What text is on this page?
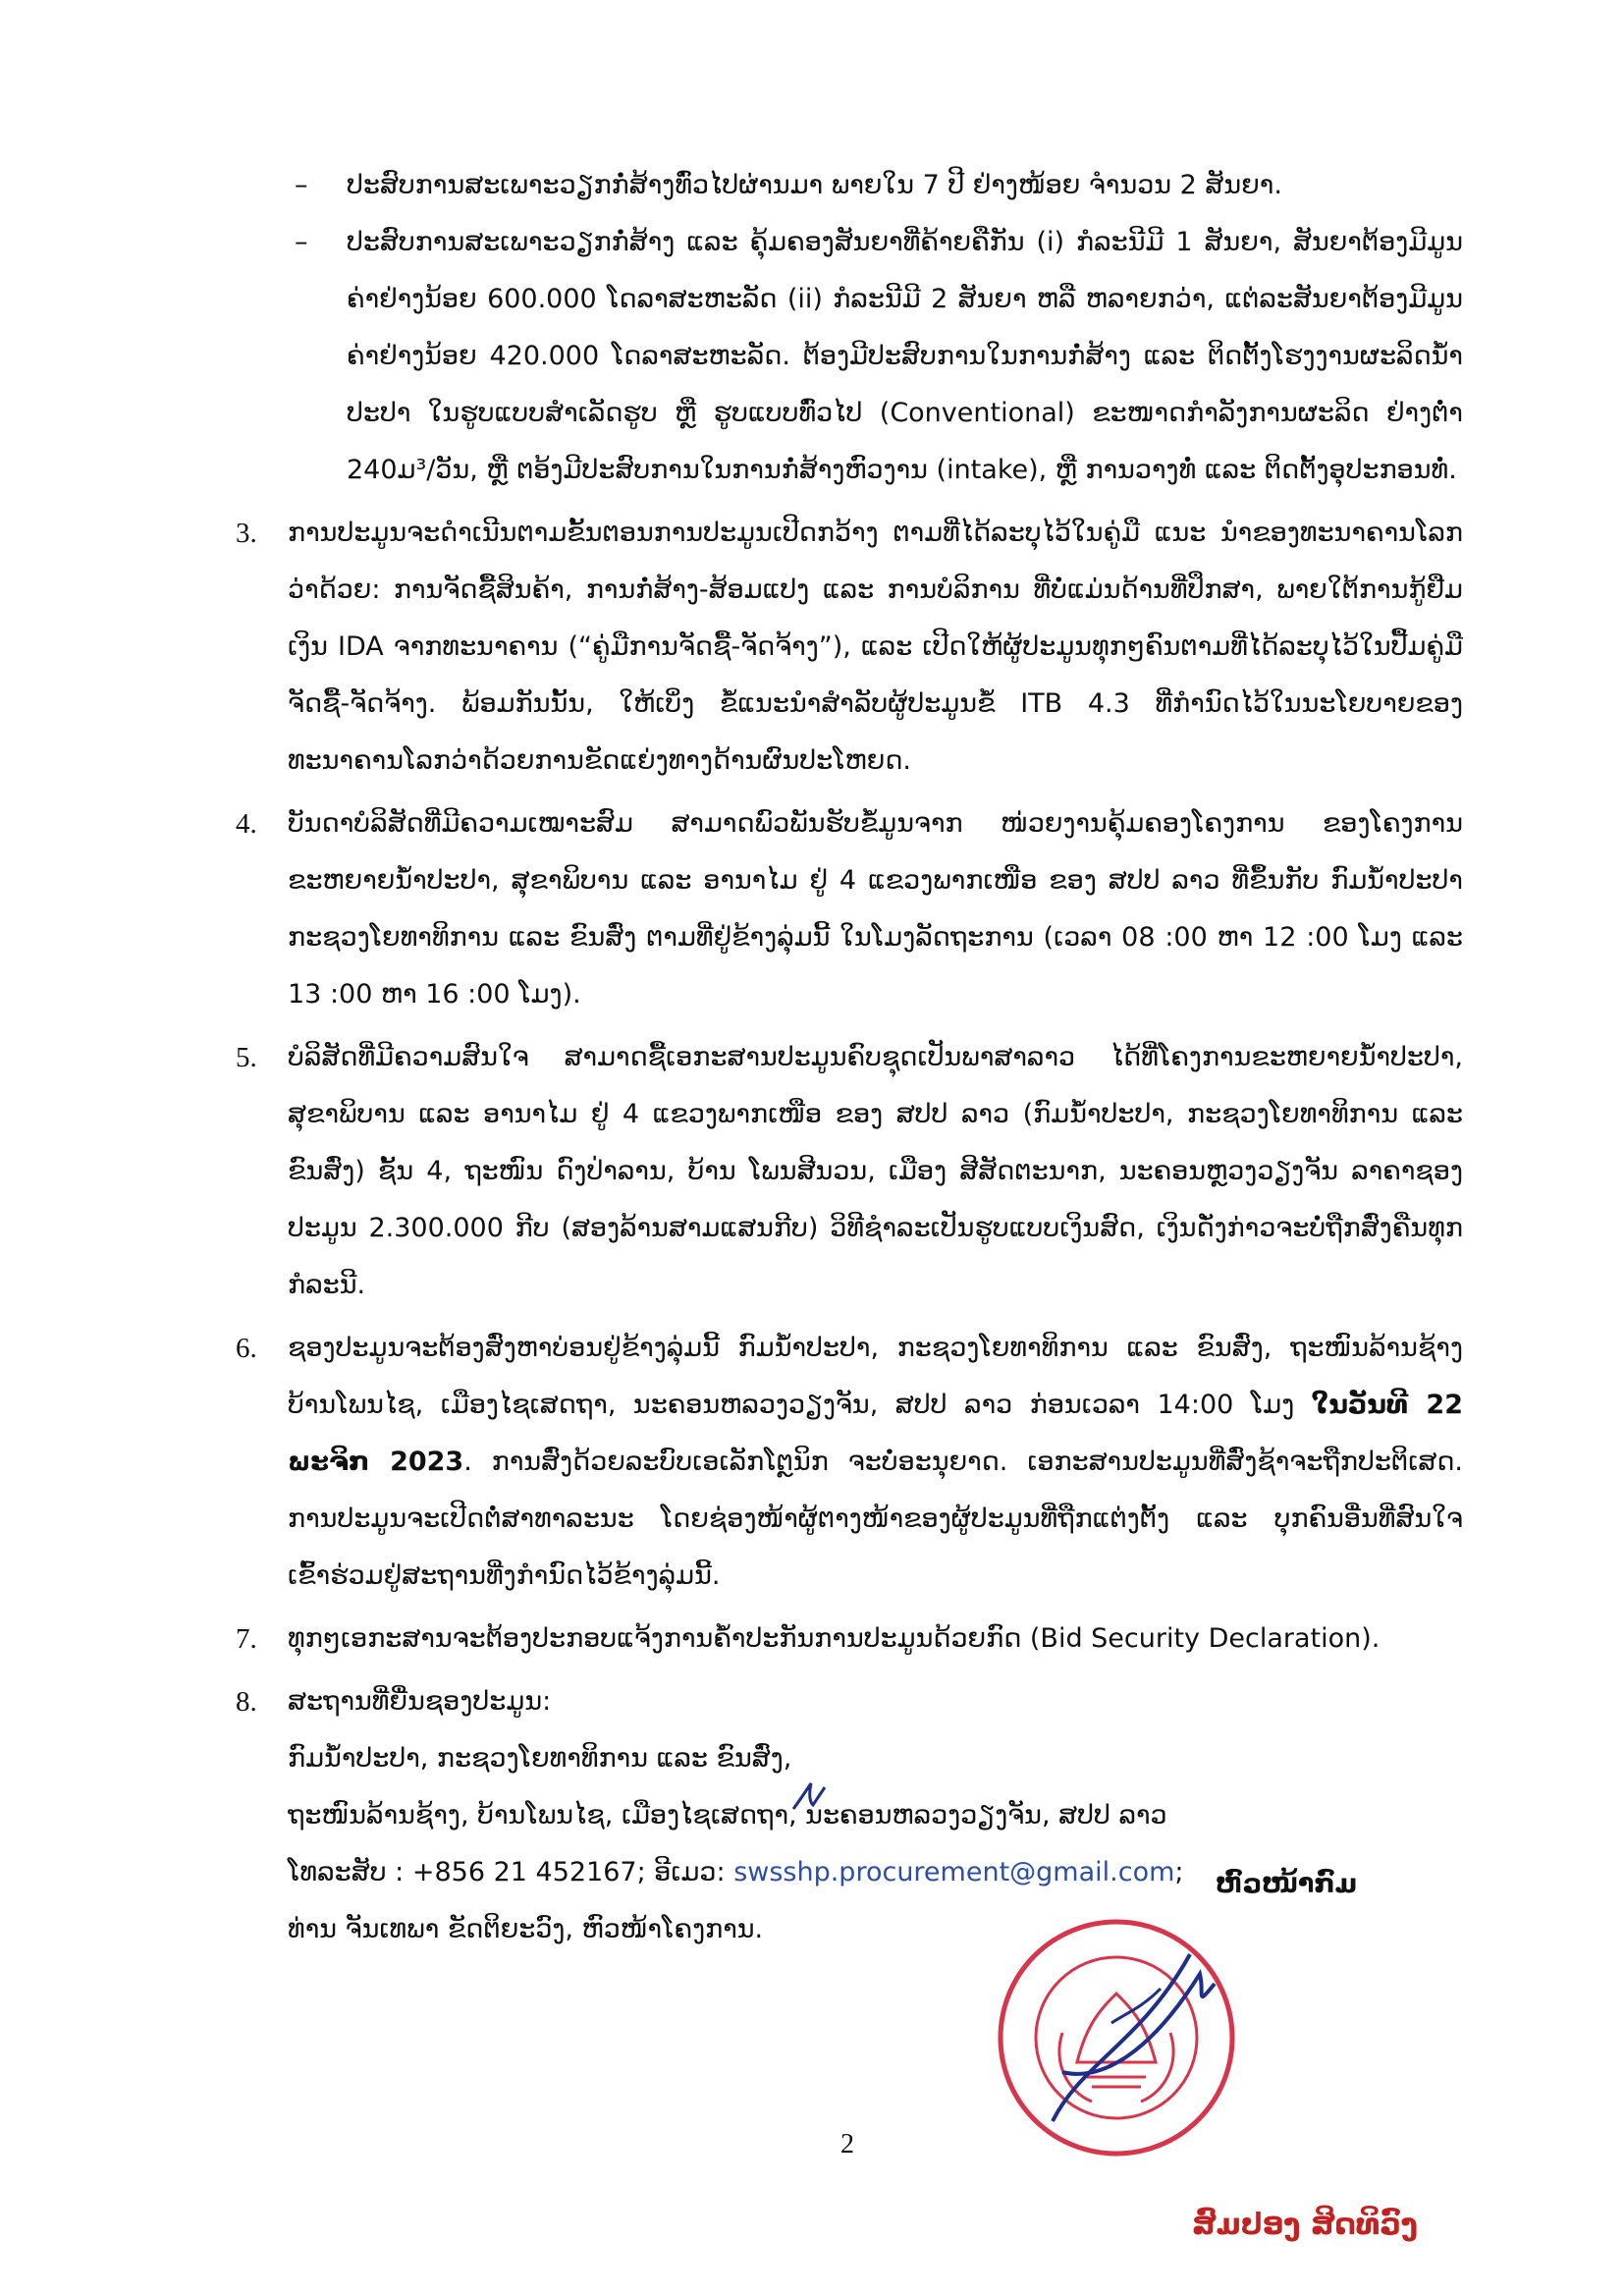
– ປະສົບການສະເພາະວຽກກໍ່ສ້າງທົ່ວໄປຜ່ານມາ ພາຍໃນ 7 ປີ ຢ່າງໜ້ອຍ ຈຳນວນ 2 ສັນຍາ.
– ປະສົບການສະເພາະວຽກກໍ່ສ້າງ ແລະ ຄຸ້ມຄອງສັນຍາທີ່ຄ້າຍຄືກັນ (i) ກໍລະນີມີ 1 ສັນຍາ, ສັນຍາຕ້ອງມີມູນຄ່າຢ່າງນ້ອຍ 600.000 ໂດລາສະຫະລັດ (ii) ກໍລະນີມີ 2 ສັນຍາ ຫລື ຫລາຍກວ່າ, ແຕ່ລະສັນຍາຕ້ອງມີມູນຄ່າຢ່າງນ້ອຍ 420.000 ໂດລາສະຫະລັດ. ຕ້ອງມີປະສົບການໃນການກໍ່ສ້າງ ແລະ ຕິດຕັ້ງໂຮງງານຜະລິດນ້ຳປະປາ ໃນຮູບແບບສຳເລັດຮູບ ຫຼື ຮູບແບບທົ່ວໄປ (Conventional) ຂະໜາດກຳລັງການຜະລິດ ຢ່າງຕ່ຳ 240ມ³/ວັນ, ຫຼື ຕອ້ງມີປະສົບການໃນການກໍ່ສ້າງຫົວງານ (intake), ຫຼື ການວາງທໍ່ ແລະ ຕິດຕັ້ງອຸປະກອນທໍ່.
3. ການປະມູນຈະດຳເນີນຕາມຂັ້ນຕອນການປະມູນເປີດກວ້າງ ຕາມທີ່ໄດ້ລະບຸໄວ້ໃນຄູ່ມື ແນະ ນຳຂອງທະນາຄານໂລກວ່າດ້ວຍ: ການຈັດຊື້ສິນຄ້າ, ການກໍ່ສ້າງ-ສ້ອມແປງ ແລະ ການບໍລິການ ທີ່ບໍ່ແມ່ນດ້ານທີ່ປຶກສາ, ພາຍໃຕ້ການກູ້ຢືມເງິນ IDA ຈາກທະນາຄານ (“ຄູ່ມືການຈັດຊື້-ຈັດຈ້າງ”), ແລະ ເປີດໃຫ້ຜູ້ປະມູນທຸກໆຄົນຕາມທີ່ໄດ້ລະບຸໄວ້ໃນປື້ມຄູ່ມືຈັດຊື້-ຈັດຈ້າງ. ພ້ອມກັນນັ້ນ, ໃຫ້ເບິ່ງ ຂໍ້ແນະນຳສຳລັບຜູ້ປະມູນຂໍ້ ITB 4.3 ທີ່ກຳນົດໄວ້ໃນນະໂຍບາຍຂອງທະນາຄານໂລກວ່າດ້ວຍການຂັດແຍ່ງທາງດ້ານຜົນປະໂຫຍດ.
4. ບັນດາບໍລິສັດທີ່ມີຄວາມເໝາະສົມ ສາມາດພົວພັນຮັບຂໍ້ມູນຈາກ ໜ່ວຍງານຄຸ້ມຄອງໂຄງການ ຂອງໂຄງການຂະຫຍາຍນ້ຳປະປາ, ສຸຂາພິບານ ແລະ ອານາໄມ ຢູ່ 4 ແຂວງພາກເໜືອ ຂອງ ສປປ ລາວ ທີ່ຂຶ້ນກັບ ກົມນ້ຳປະປາ ກະຊວງໂຍທາທິການ ແລະ ຂົນສົ່ງ ຕາມທີ່ຢູ່ຂ້າງລຸ່ມນີ້ ໃນໂມງລັດຖະການ (ເວລາ 08 :00 ຫາ 12 :00 ໂມງ ແລະ 13 :00 ຫາ 16 :00 ໂມງ).
5. ບໍລິສັດທີ່ມີຄວາມສົນໃຈ ສາມາດຊື້ເອກະສານປະມູນຄົບຊຸດເປັນພາສາລາວ ໄດ້ທີ່ໂຄງການຂະຫຍາຍນ້ຳປະປາ, ສຸຂາພິບານ ແລະ ອານາໄມ ຢູ່ 4 ແຂວງພາກເໜືອ ຂອງ ສປປ ລາວ (ກົມນ້ຳປະປາ, ກະຊວງໂຍທາທິການ ແລະ ຂົນສົ່ງ) ຊັ້ນ 4, ຖະໜົນ ດົງປ່າລານ, ບ້ານ ໂພນສີນວນ, ເມືອງ ສີສັດຕະນາກ, ນະຄອນຫຼວງວຽງຈັນ ລາຄາຊອງປະມູນ 2.300.000 ກີບ (ສອງລ້ານສາມແສນກີບ) ວິທີຊຳລະເປັນຮູບແບບເງິນສົດ, ເງິນດັ່ງກ່າວຈະບໍ່ຖືກສົ່ງຄືນທຸກກໍລະນີ.
6. ຊອງປະມູນຈະຕ້ອງສົ່ງຫາບ່ອນຢູ່ຂ້າງລຸ່ມນີ້ ກົມນ້ຳປະປາ, ກະຊວງໂຍທາທິການ ແລະ ຂົນສົ່ງ, ຖະໜົນລ້ານຊ້າງ ບ້ານໂພນໄຊ, ເມືອງໄຊເສດຖາ, ນະຄອນຫລວງວຽງຈັນ, ສປປ ລາວ ກ່ອນເວລາ 14:00 ໂມງ ໃນວັນທີ 22 ພະຈິກ 2023. ການສົ່ງດ້ວຍລະບົບເອເລັກໂຕຼນິກ ຈະບໍ່ອະນຸຍາດ. ເອກະສານປະມູນທີ່ສົ່ງຊ້າຈະຖືກປະຕິເສດ. ການປະມູນຈະເປີດຕໍ່ສາທາລະນະ ໂດຍຊ່ອງໜ້າຜູ້ຕາງໜ້າຂອງຜູ້ປະມູນທີ່ຖືກແຕ່ງຕັ້ງ ແລະ ບຸກຄົນອື່ນທີ່ສົນໃຈເຂົ້າຮ່ວມຢູ່ສະຖານທີ່ງກຳນົດໄວ້ຂ້າງລຸ່ມນີ້.
7. ທຸກໆເອກະສານຈະຕ້ອງປະກອບແຈ້ງການຄ້ຳປະກັນການປະມູນດ້ວຍກົດ (Bid Security Declaration).
8. ສະຖານທີ່ຍື່ນຊອງປະມູນ:
ກົມນ້ຳປະປາ, ກະຊວງໂຍທາທິການ ແລະ ຂົນສົ່ງ,
ຖະໜົນລ້ານຊ້າງ, ບ້ານໂພນໄຊ, ເມືອງໄຊເສດຖາ, ນະຄອນຫລວງວຽງຈັນ, ສປປ ລາວ
ໂທລະສັບ : +856 21 452167; ອີເມວ: swsshp.procurement@gmail.com;
ທ່ານ ຈັນເທພາ ຂັດຕິຍະວົງ, ຫົວໜ້າໂຄງການ.
ຫົວໜ້າກົມ
2
ສົມປອງ ສິດທິວົງ
